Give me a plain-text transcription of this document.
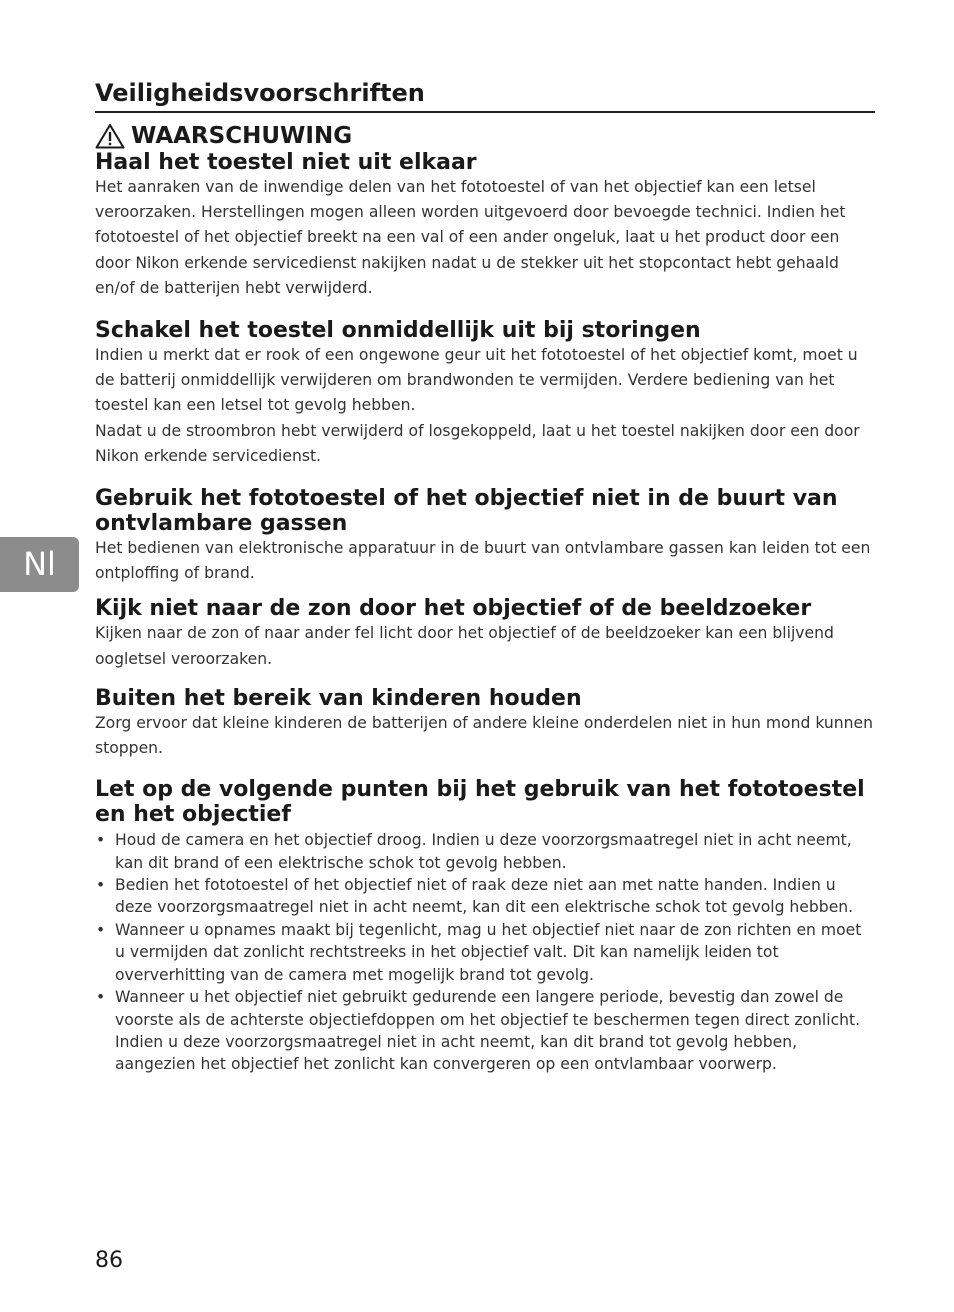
Veiligheidsvoorschriften
WAARSCHUWING
Haal het toestel niet uit elkaar

Het aanraken van de inwendige delen van het fototoestel of van het objectief kan een letsel veroorzaken. Herstellingen mogen alleen worden uitgevoerd door bevoegde technici. Indien het fototoestel of het objectief breekt na een val of een ander ongeluk, laat u het product door een door Nikon erkende servicedienst nakijken nadat u de stekker uit het stopcontact hebt gehaald en/of de batterijen hebt verwijderd.

Schakel het toestel onmiddellijk uit bij storingen

Indien u merkt dat er rook of een ongewone geur uit het fototoestel of het objectief komt, moet u de batterij onmiddellijk verwijderen om brandwonden te vermijden. Verdere bediening van het toestel kan een letsel tot gevolg hebben.

Nadat u de stroombron hebt verwijderd of losgekoppeld, laat u het toestel nakijken door een door Nikon erkende servicedienst.

Gebruik het fototoestel of het objectief niet in de buurt van ontvlambare gassen

Het bedienen van elektronische apparatuur in de buurt van ontvlambare gassen kan leiden tot een ontploffing of brand.

Kijk niet naar de zon door het objectief of de beeldzoeker

Kijken naar de zon of naar ander fel licht door het objectief of de beeldzoeker kan een blijvend oogletsel veroorzaken.

Buiten het bereik van kinderen houden

Zorg ervoor dat kleine kinderen de batterijen of andere kleine onderdelen niet in hun mond kunnen stoppen.

Let op de volgende punten bij het gebruik van het fototoestel en het objectief
• Houd de camera en het objectief droog. Indien u deze voorzorgsmaatregel niet in acht neemt, kan dit brand of een elektrische schok tot gevolg hebben.
• Bedien het fototoestel of het objectief niet of raak deze niet aan met natte handen. Indien u deze voorzorgsmaatregel niet in acht neemt, kan dit een elektrische schok tot gevolg hebben.
• Wanneer u opnames maakt bij tegenlicht, mag u het objectief niet naar de zon richten en moet u vermijden dat zonlicht rechtstreeks in het objectief valt. Dit kan namelijk leiden tot oververhitting van de camera met mogelijk brand tot gevolg.
• Wanneer u het objectief niet gebruikt gedurende een langere periode, bevestig dan zowel de voorste als de achterste objectiefdoppen om het objectief te beschermen tegen direct zonlicht. Indien u deze voorzorgsmaatregel niet in acht neemt, kan dit brand tot gevolg hebben, aangezien het objectief het zonlicht kan convergeren op een ontvlambaar voorwerp.
Nl
86
